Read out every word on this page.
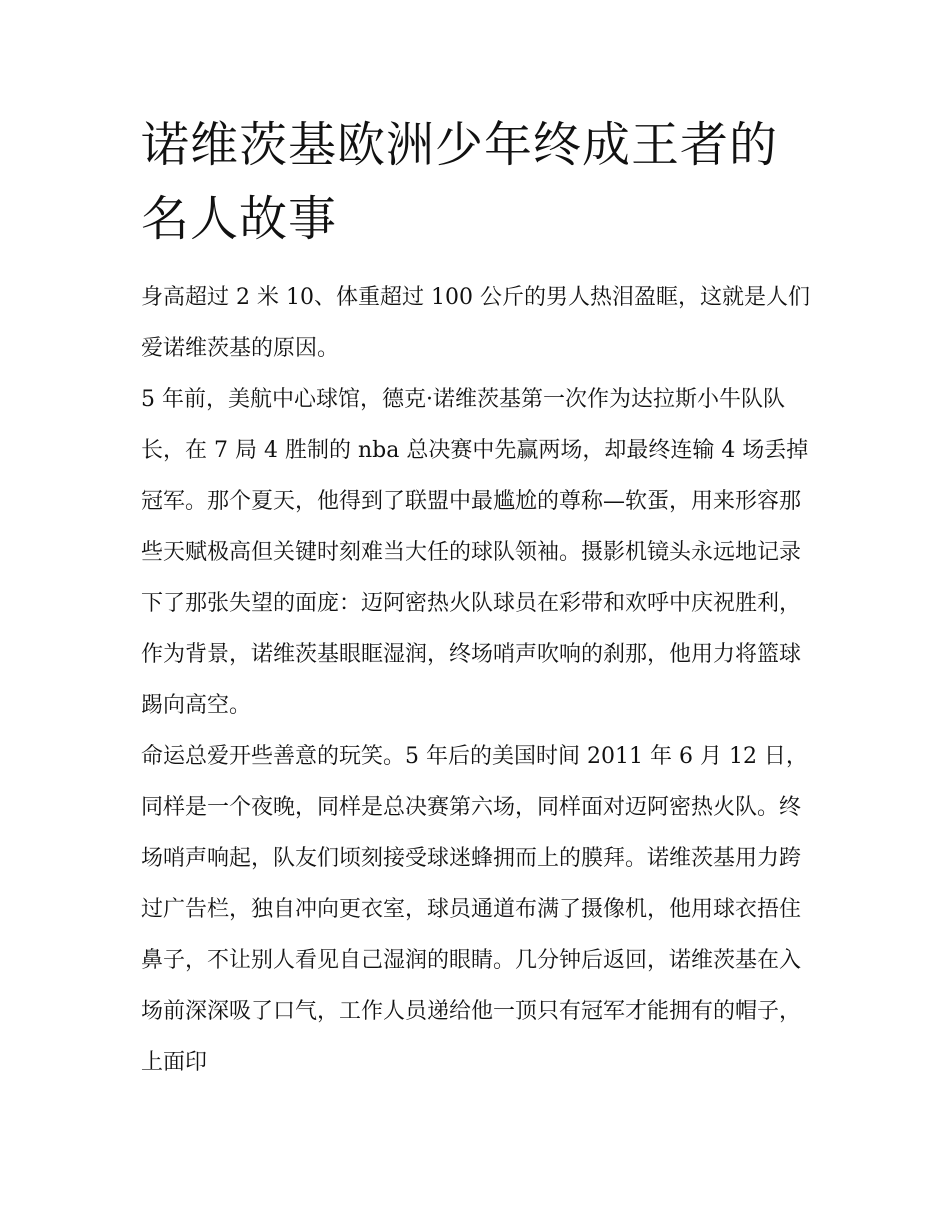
诺维茨基欧洲少年终成王者的名人故事

身高超过 2 米 10、体重超过 100 公斤的男人热泪盈眶，这就是人们爱诺维茨基的原因。

5 年前，美航中心球馆，德克·诺维茨基第一次作为达拉斯小牛队队长，在 7 局 4 胜制的 nba 总决赛中先赢两场，却最终连输 4 场丢掉冠军。那个夏天，他得到了联盟中最尴尬的尊称—软蛋，用来形容那些天赋极高但关键时刻难当大任的球队领袖。摄影机镜头永远地记录下了那张失望的面庞：迈阿密热火队球员在彩带和欢呼中庆祝胜利，作为背景，诺维茨基眼眶湿润，终场哨声吹响的刹那，他用力将篮球踢向高空。

命运总爱开些善意的玩笑。5 年后的美国时间 2011 年 6 月 12 日，同样是一个夜晚，同样是总决赛第六场，同样面对迈阿密热火队。终场哨声响起，队友们顷刻接受球迷蜂拥而上的膜拜。诺维茨基用力跨过广告栏，独自冲向更衣室，球员通道布满了摄像机，他用球衣捂住鼻子，不让别人看见自己湿润的眼睛。几分钟后返回，诺维茨基在入场前深深吸了口气，工作人员递给他一顶只有冠军才能拥有的帽子，上面印
